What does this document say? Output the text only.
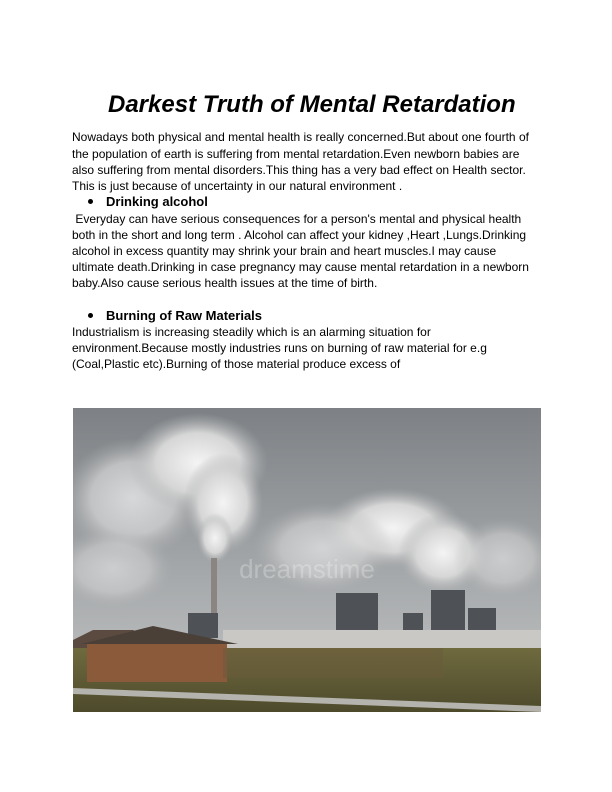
Darkest Truth of Mental Retardation
Nowadays both physical and mental health is really concerned.But about one fourth of
the population of earth is suffering from mental retardation.Even newborn babies are
also suffering from mental disorders.This thing has a very bad effect on Health sector.
This is just because of uncertainty in our natural environment .
Drinking alcohol
Everyday can have serious consequences for a person's mental and physical health
both in the short and long term . Alcohol can affect your kidney ,Heart ,Lungs.Drinking
alcohol in excess quantity may shrink your brain and heart muscles.I may cause
ultimate death.Drinking in case pregnancy may cause mental retardation in a newborn
baby.Also cause serious health issues at the time of birth.
Burning of Raw Materials
Industrialism is increasing steadily which is an alarming situation for
environment.Because mostly industries runs on burning of raw material for e.g
(Coal,Plastic etc).Burning of those material produce excess of
dreamstime
